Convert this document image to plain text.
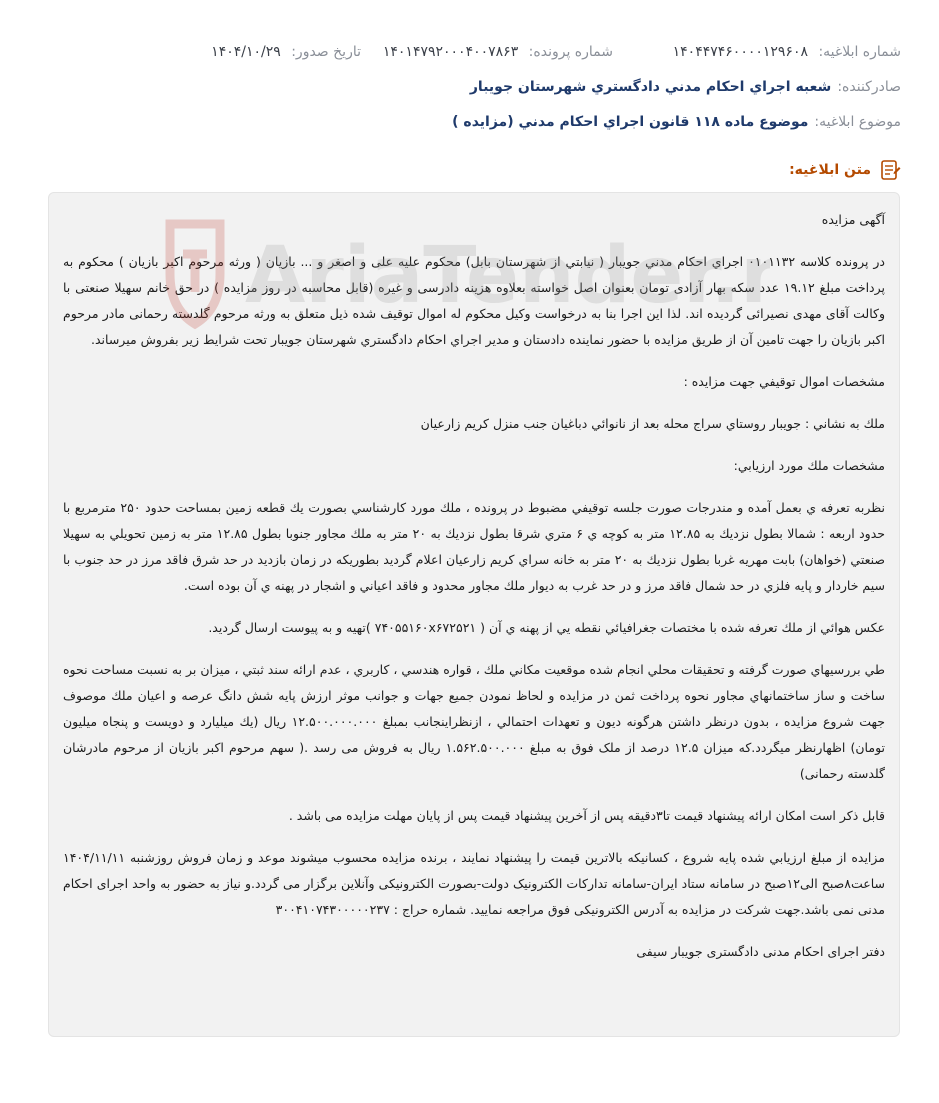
شماره ابلاغیه: ۱۴۰۴۴۷۴۶۰۰۰۰۱۲۹۶۰۸
شماره پرونده: ۱۴۰۱۴۷۹۲۰۰۰۴۰۰۷۸۶۳
تاریخ صدور: ۱۴۰۴/۱۰/۲۹
صادرکننده:
شعبه اجراي احكام مدني دادگستري شهرستان جويبار
موضوع ابلاغیه:
موضوع ماده ۱۱۸ قانون اجراي احكام مدني (مزايده )
متن ابلاغیه:

آگهی مزایده

در پرونده كلاسه ۰۱۰۱۱۳۲ اجراي احكام مدني جويبار ( نيابتي از شهرستان بابل) محكوم عليه علی و اصغر و ... بازیان ( ورثه مرحوم اکبر بازیان ) محکوم به پرداخت مبلغ ۱۹.۱۲ عدد سکه بهار آزادی تومان بعنوان اصل خواسته بعلاوه هزينه دادرسی و غیره (قابل محاسبه در روز مزایده ) در حق خانم سهیلا صنعتی با وکالت آقای مهدی نصیرائی گرديده اند. لذا اين اجرا بنا به درخواست وكيل محكوم له اموال توقیف شده ذیل متعلق به ورثه مرحوم گلدسته رحمانی مادر مرحوم اکبر بازیان را جهت تامين آن از طريق مزايده با حضور نماینده دادستان و مدير اجراي احكام دادگستري شهرستان جويبار تحت شرایط زیر بفروش ميرساند.

مشخصات اموال توقيفي جهت مزايده :

ملك به نشاني : جويبار روستاي سراج محله بعد از نانوائي دباغيان جنب منزل كريم زارعيان

مشخصات ملك مورد ارزيابي:

نظربه تعرفه ي بعمل آمده و مندرجات صورت جلسه توقيفي مضبوط در پرونده ، ملك مورد كارشناسي بصورت يك قطعه زمين بمساحت حدود ۲۵۰ مترمربع با حدود اربعه : شمالا بطول نزديك به ۱۲.۸۵ متر به كوچه ي ۶ متري شرقا بطول نزديك به ۲۰ متر به ملك مجاور جنوبا بطول ۱۲.۸۵ متر به زمين تحويلي به سهيلا صنعتي (خواهان) بابت مهريه غربا بطول نزديك به ۲۰ متر به خانه سراي كريم زارعيان اعلام گرديد بطوريكه در زمان بازديد در حد شرق فاقد مرز در حد جنوب با سيم خاردار و پايه فلزي در حد شمال فاقد مرز و در حد غرب به ديوار ملك مجاور محدود و فاقد اعياني و اشجار در پهنه ي آن بوده است.

عكس هوائي از ملك تعرفه شده با مختصات جغرافيائي نقطه يي از پهنه ي آن ( ۷۴۰۵۵۱۶۰x۶۷۲۵۲۱ )تهيه و به پيوست ارسال گرديد.

طي بررسيهاي صورت گرفته و تحقيقات محلي انجام شده موقعيت مكاني ملك ، قواره هندسي ، كاربري ، عدم ارائه سند ثبتي ، ميزان بر به نسبت مساحت نحوه ساخت و ساز ساختمانهاي مجاور نحوه پرداخت ثمن در مزايده و لحاظ نمودن جميع جهات و جوانب موثر ارزش پايه شش دانگ عرصه و اعيان ملك موصوف جهت شروع مزايده ، بدون درنظر داشتن هرگونه ديون و تعهدات احتمالي ، ازنظراينجانب بمبلغ ۱۲.۵۰۰.۰۰۰.۰۰۰ ريال (يك ميليارد و دويست و پنجاه ميليون تومان) اظهارنظر ميگردد.كه میزان ۱۲.۵ درصد از ملک فوق به مبلغ ۱.۵۶۲.۵۰۰.۰۰۰ ریال به فروش می رسد .( سهم مرحوم اکبر بازیان از مرحوم مادرشان گلدسته رحمانی)

قابل ذکر است امکان ارائه پیشنهاد قیمت تا۳دقیقه پس از آخرین پیشنهاد قیمت پس از پایان مهلت مزایده می باشد .

مزايده از مبلغ ارزيابي شده پايه شروع ، كسانيكه بالاترين قيمت را پيشنهاد نمايند ، برنده مزايده محسوب ميشوند موعد و زمان فروش روزشنبه ۱۴۰۴/۱۱/۱۱ ساعت۸صبح الی۱۲صبح در سامانه ستاد ایران-سامانه تدارکات الکترونیک دولت-بصورت الکترونیکی وآنلاین برگزار می گردد.و نیاز به حضور به واحد اجرای احکام مدنی نمی باشد.جهت شرکت در مزایده به آدرس الکترونیکی فوق مراجعه نمایید. شماره حراج : ۳۰۰۴۱۰۷۴۳۰۰۰۰۰۲۳۷

دفتر اجرای احکام مدنی دادگستری جویبار سیفی

AriaTender.n
